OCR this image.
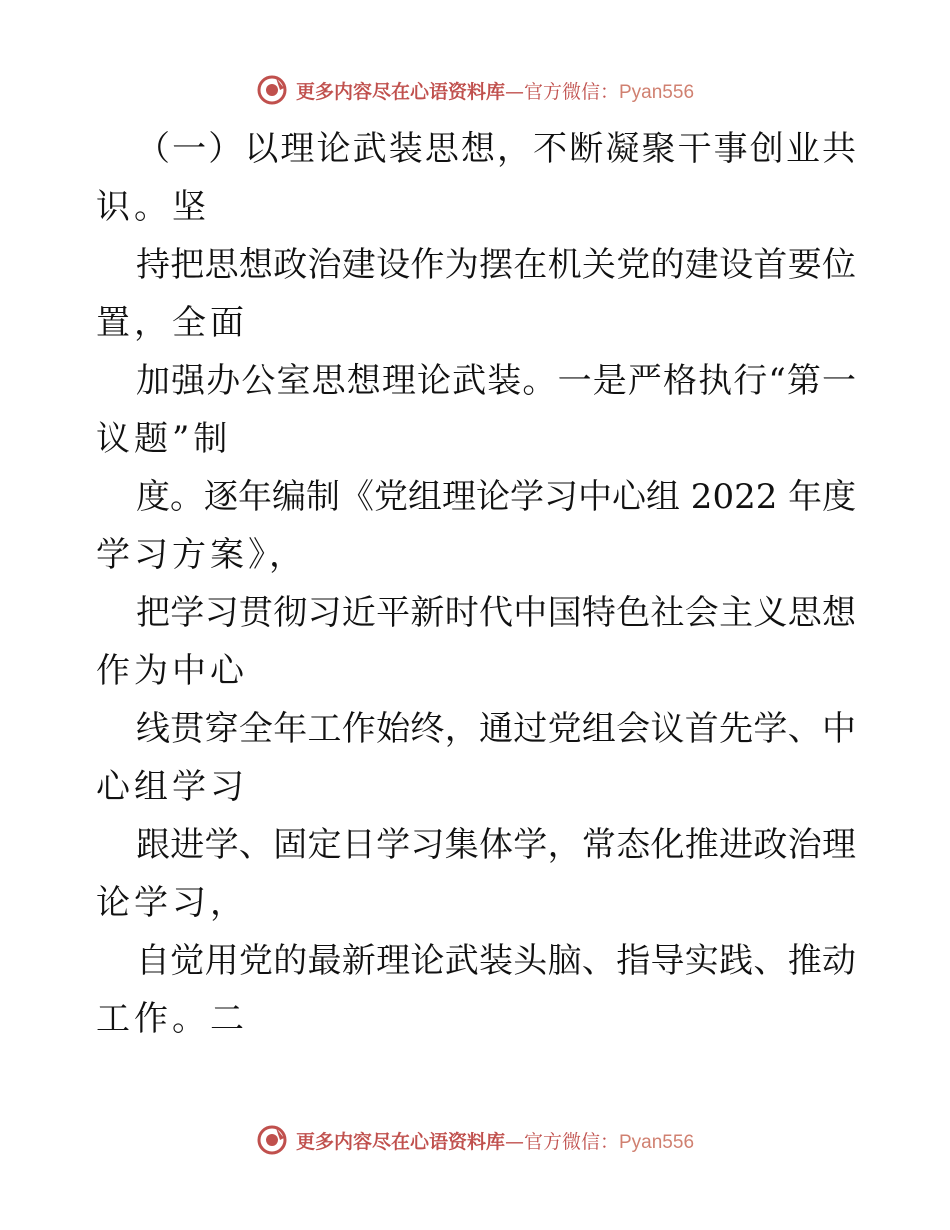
更多内容尽在心语资料库 — 官方微信： Pyan556
（一）以理论武装思想，不断凝聚干事创业共
识。坚
持把思想政治建设作为摆在机关党的建设首要位
置，全面
加强办公室思想理论武装。一是严格执行“第一
议题”制
度。逐年编制《党组理论学习中心组 2022 年度
学习方案》，
把学习贯彻习近平新时代中国特色社会主义思想
作为中心
线贯穿全年工作始终，通过党组会议首先学、中
心组学习
跟进学、固定日学习集体学，常态化推进政治理
论学习，
自觉用党的最新理论武装头脑、指导实践、推动
工作。二
更多内容尽在心语资料库 — 官方微信： Pyan556
